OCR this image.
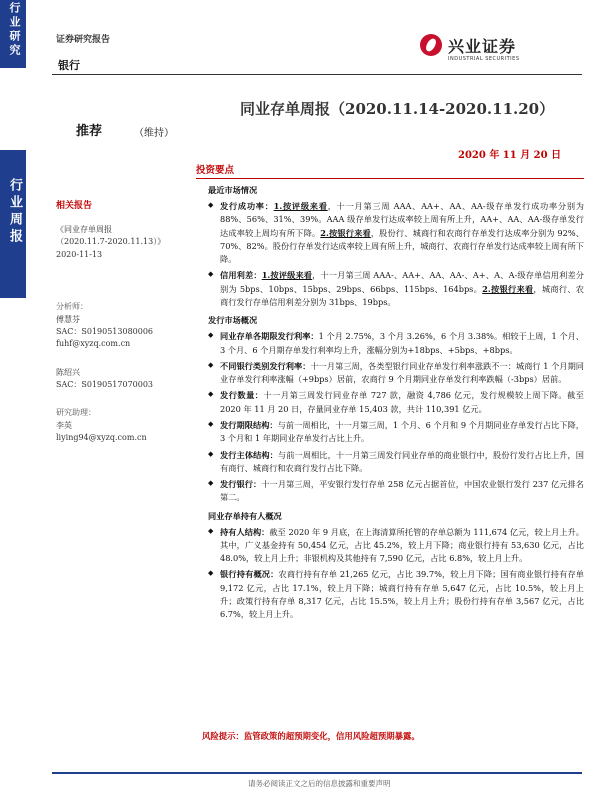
行业研究
行业周报
证券研究报告
银行
兴业证券
INDUSTRIAL SECURITIES
同业存单周报（2020.11.14-2020.11.20）
推荐	（维持）
2020 年 11 月 20 日
相关报告
《同业存单周报
（2020.11.7-2020.11.13）》
2020-11-13
分析师：
傅慧芬
SAC：S0190513080006
fuhf@xyzq.com.cn
陈绍兴
SAC：S0190517070003
研究助理：
李英
liying94@xyzq.com.cn
投资要点
最近市场情况
◆ 发行成功率：1.按评级来看，十一月第三周 AAA、AA+、AA、AA-级存单发行成功率分别为 88%、56%、31%、39%。AAA 级存单发行达成率较上周有所上升，AA+、AA、AA-级存单发行达成率较上周均有所下降。2.按银行来看，股份行、城商行和农商行存单发行达成率分别为 92%、70%、82%。股份行存单发行达成率较上周有所上升，城商行、农商行存单发行达成率较上周有所下降。
◆ 信用利差：1.按评级来看，十一月第三周 AAA-、AA+、AA、AA-、A+、A、A-级存单信用利差分别为 5bps、10bps、15bps、29bps、66bps、115bps、164bps。2.按银行来看，城商行、农商行发行存单信用利差分别为 31bps、19bps。
发行市场概况
◆ 同业存单各期限发行利率：1 个月 2.75%，3 个月 3.26%，6 个月 3.38%。相较于上周，1 个月、3 个月、6 个月期存单发行利率均上升，涨幅分别为+18bps、+5bps、+8bps。
◆ 不同银行类别发行利率：十一月第三周，各类型银行同业存单发行利率涨跌不一：城商行 1 个月期同业存单发行利率涨幅（+9bps）居前，农商行 9 个月期同业存单发行利率跌幅（-3bps）居前。
◆ 发行数量：十一月第三周发行同业存单 727 款，融资 4,786 亿元，发行规模较上周下降。截至 2020 年 11 月 20 日，存量同业存单 15,403 款，共计 110,391 亿元。
◆ 发行期限结构：与前一周相比，十一月第三周，1 个月、6 个月和 9 个月期同业存单发行占比下降， 3 个月和 1 年期同业存单发行占比上升。
◆ 发行主体结构：与前一周相比，十一月第三周发行同业存单的商业银行中，股份行发行占比上升，国有商行、城商行和农商行发行占比下降。
◆ 发行银行：十一月第三周，平安银行发行存单 258 亿元占据首位，中国农业银行发行 237 亿元排名第二。
同业存单持有人概况
◆ 持有人结构：截至 2020 年 9 月底，在上海清算所托管的存单总额为 111,674 亿元，较上月上升。其中，广义基金持有 50,454 亿元，占比 45.2%，较上月下降；商业银行持有 53,630 亿元，占比 48.0%，较上月上升；非银机构及其他持有 7,590 亿元，占比 6.8%，较上月上升。
◆ 银行持有概况：农商行持有存单 21,265 亿元，占比 39.7%，较上月下降；国有商业银行持有存单 9,172 亿元，占比 17.1%，较上月下降；城商行持有存单 5,647 亿元，占比 10.5%，较上月上升；政策行持有存单 8,317 亿元，占比 15.5%，较上月上升；股份行持有存单 3,567 亿元，占比 6.7%，较上月上升。
风险提示：监管政策的超预期变化，信用风险超预期暴露。
请务必阅读正文之后的信息披露和重要声明
